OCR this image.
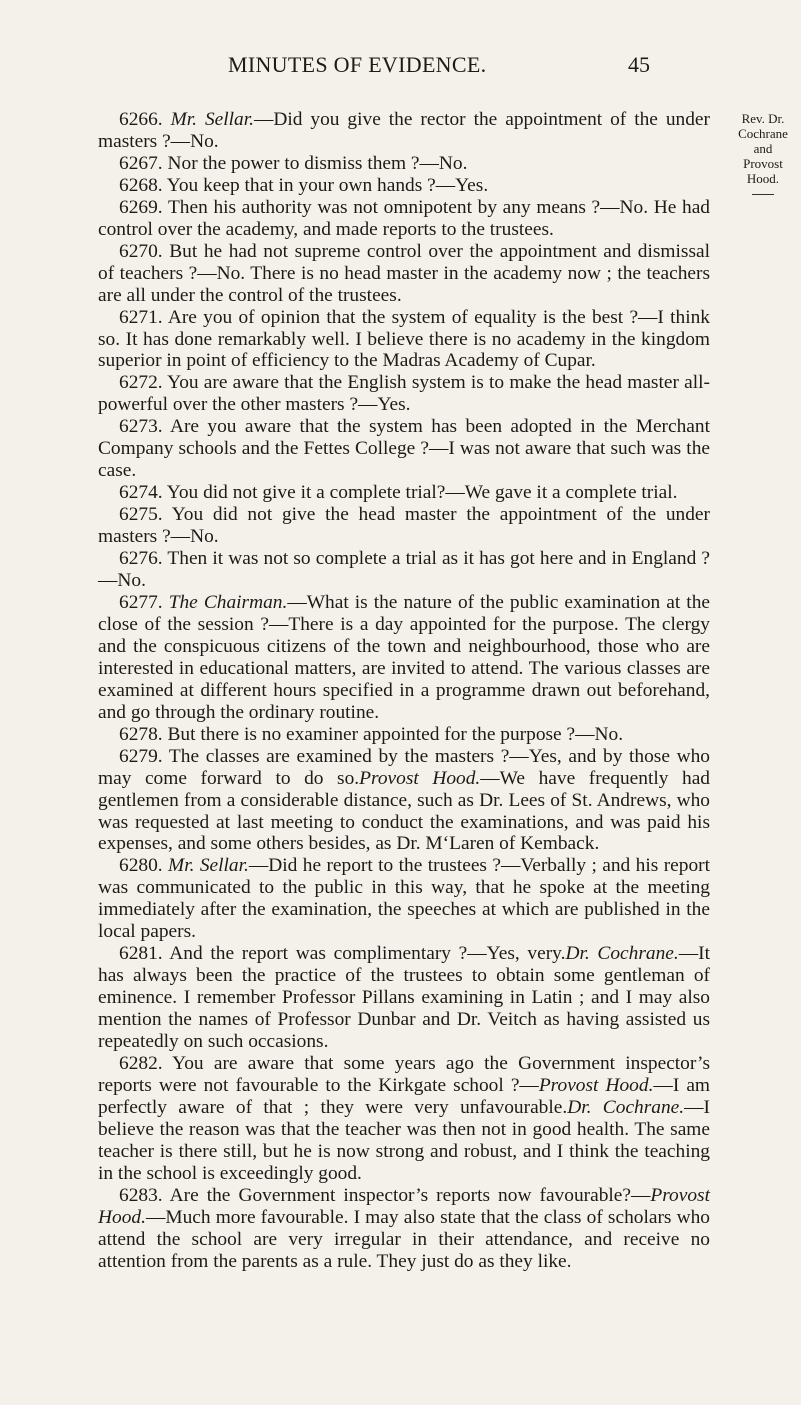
MINUTES OF EVIDENCE.	45
Rev. Dr.
Cochrane
and
Provost
Hood.

6266. Mr. Sellar.—Did you give the rector the appointment of the under masters ?—No.

6267. Nor the power to dismiss them ?—No.

6268. You keep that in your own hands ?—Yes.

6269. Then his authority was not omnipotent by any means ?—No. He had control over the academy, and made reports to the trustees.

6270. But he had not supreme control over the appointment and dismissal of teachers ?—No. There is no head master in the academy now ; the teachers are all under the control of the trustees.

6271. Are you of opinion that the system of equality is the best ?—I think so. It has done remarkably well. I believe there is no academy in the kingdom superior in point of efficiency to the Madras Academy of Cupar.

6272. You are aware that the English system is to make the head master all-powerful over the other masters ?—Yes.

6273. Are you aware that the system has been adopted in the Merchant Company schools and the Fettes College ?—I was not aware that such was the case.

6274. You did not give it a complete trial?—We gave it a complete trial.

6275. You did not give the head master the appointment of the under masters ?—No.

6276. Then it was not so complete a trial as it has got here and in England ?—No.

6277. The Chairman.—What is the nature of the public examination at the close of the session ?—There is a day appointed for the purpose. The clergy and the conspicuous citizens of the town and neighbourhood, those who are interested in educational matters, are invited to attend. The various classes are examined at different hours specified in a programme drawn out beforehand, and go through the ordinary routine.

6278. But there is no examiner appointed for the purpose ?—No.

6279. The classes are examined by the masters ?—Yes, and by those who may come forward to do so.Provost Hood.—We have frequently had gentlemen from a considerable distance, such as Dr. Lees of St. Andrews, who was requested at last meeting to conduct the examinations, and was paid his expenses, and some others besides, as Dr. M‘Laren of Kemback.

6280. Mr. Sellar.—Did he report to the trustees ?—Verbally ; and his report was communicated to the public in this way, that he spoke at the meeting immediately after the examination, the speeches at which are published in the local papers.

6281. And the report was complimentary ?—Yes, very.Dr. Cochrane.—It has always been the practice of the trustees to obtain some gentleman of eminence. I remember Professor Pillans examining in Latin ; and I may also mention the names of Professor Dunbar and Dr. Veitch as having assisted us repeatedly on such occasions.

6282. You are aware that some years ago the Government inspector’s reports were not favourable to the Kirkgate school ?—Provost Hood.—I am perfectly aware of that ; they were very unfavourable.Dr. Cochrane.—I believe the reason was that the teacher was then not in good health. The same teacher is there still, but he is now strong and robust, and I think the teaching in the school is exceedingly good.

6283. Are the Government inspector’s reports now favourable?—Provost Hood.—Much more favourable. I may also state that the class of scholars who attend the school are very irregular in their attendance, and receive no attention from the parents as a rule. They just do as they like.
